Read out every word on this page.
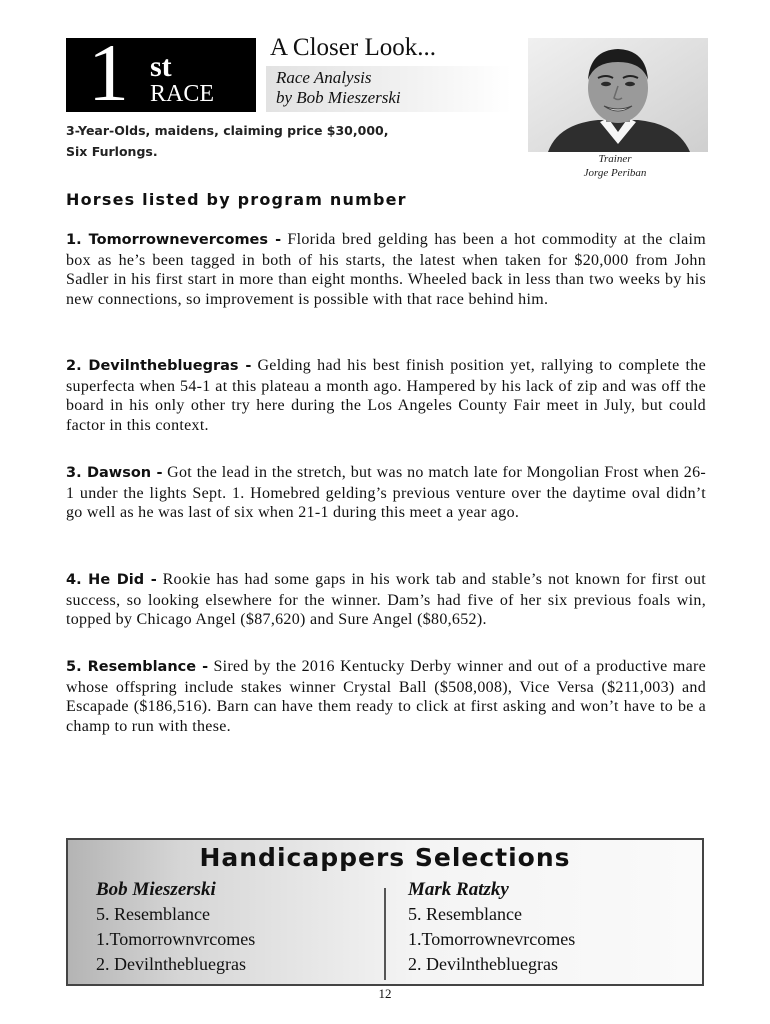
1 st
RACE
A Closer Look...
Race Analysis
by Bob Mieszerski
3-Year-Olds, maidens, claiming price $30,000,
Six Furlongs.	Trainer
Jorge Periban
Horses listed by program number
1. Tomorrownevercomes - Florida bred gelding has been a hot commodity at the claim box as he’s been tagged in both of his starts, the latest when taken for $20,000 from John Sadler in his first start in more than eight months. Wheeled back in less than two weeks by his new connections, so improvement is possible with that race behind him.
2. Devilnthebluegras - Gelding had his best finish position yet, rallying to complete the superfecta when 54-1 at this plateau a month ago. Hampered by his lack of zip and was off the board in his only other try here during the Los Angeles County Fair meet in July, but could factor in this context.
3. Dawson - Got the lead in the stretch, but was no match late for Mongolian Frost when 26-1 under the lights Sept. 1. Homebred gelding’s previous venture over the daytime oval didn’t go well as he was last of six when 21-1 during this meet a year ago.
4. He Did - Rookie has had some gaps in his work tab and stable’s not known for first out success, so looking elsewhere for the winner. Dam’s had five of her six previous foals win, topped by Chicago Angel ($87,620) and Sure Angel ($80,652).
5. Resemblance - Sired by the 2016 Kentucky Derby winner and out of a productive mare whose offspring include stakes winner Crystal Ball ($508,008), Vice Versa ($211,003) and Escapade ($186,516). Barn can have them ready to click at first asking and won’t have to be a champ to run with these.
Handicappers Selections
Bob Mieszerski
5. Resemblance
1.Tomorrownvrcomes
2. Devilnthebluegras
Mark Ratzky
5. Resemblance
1.Tomorrownevrcomes
2. Devilnthebluegras
12
